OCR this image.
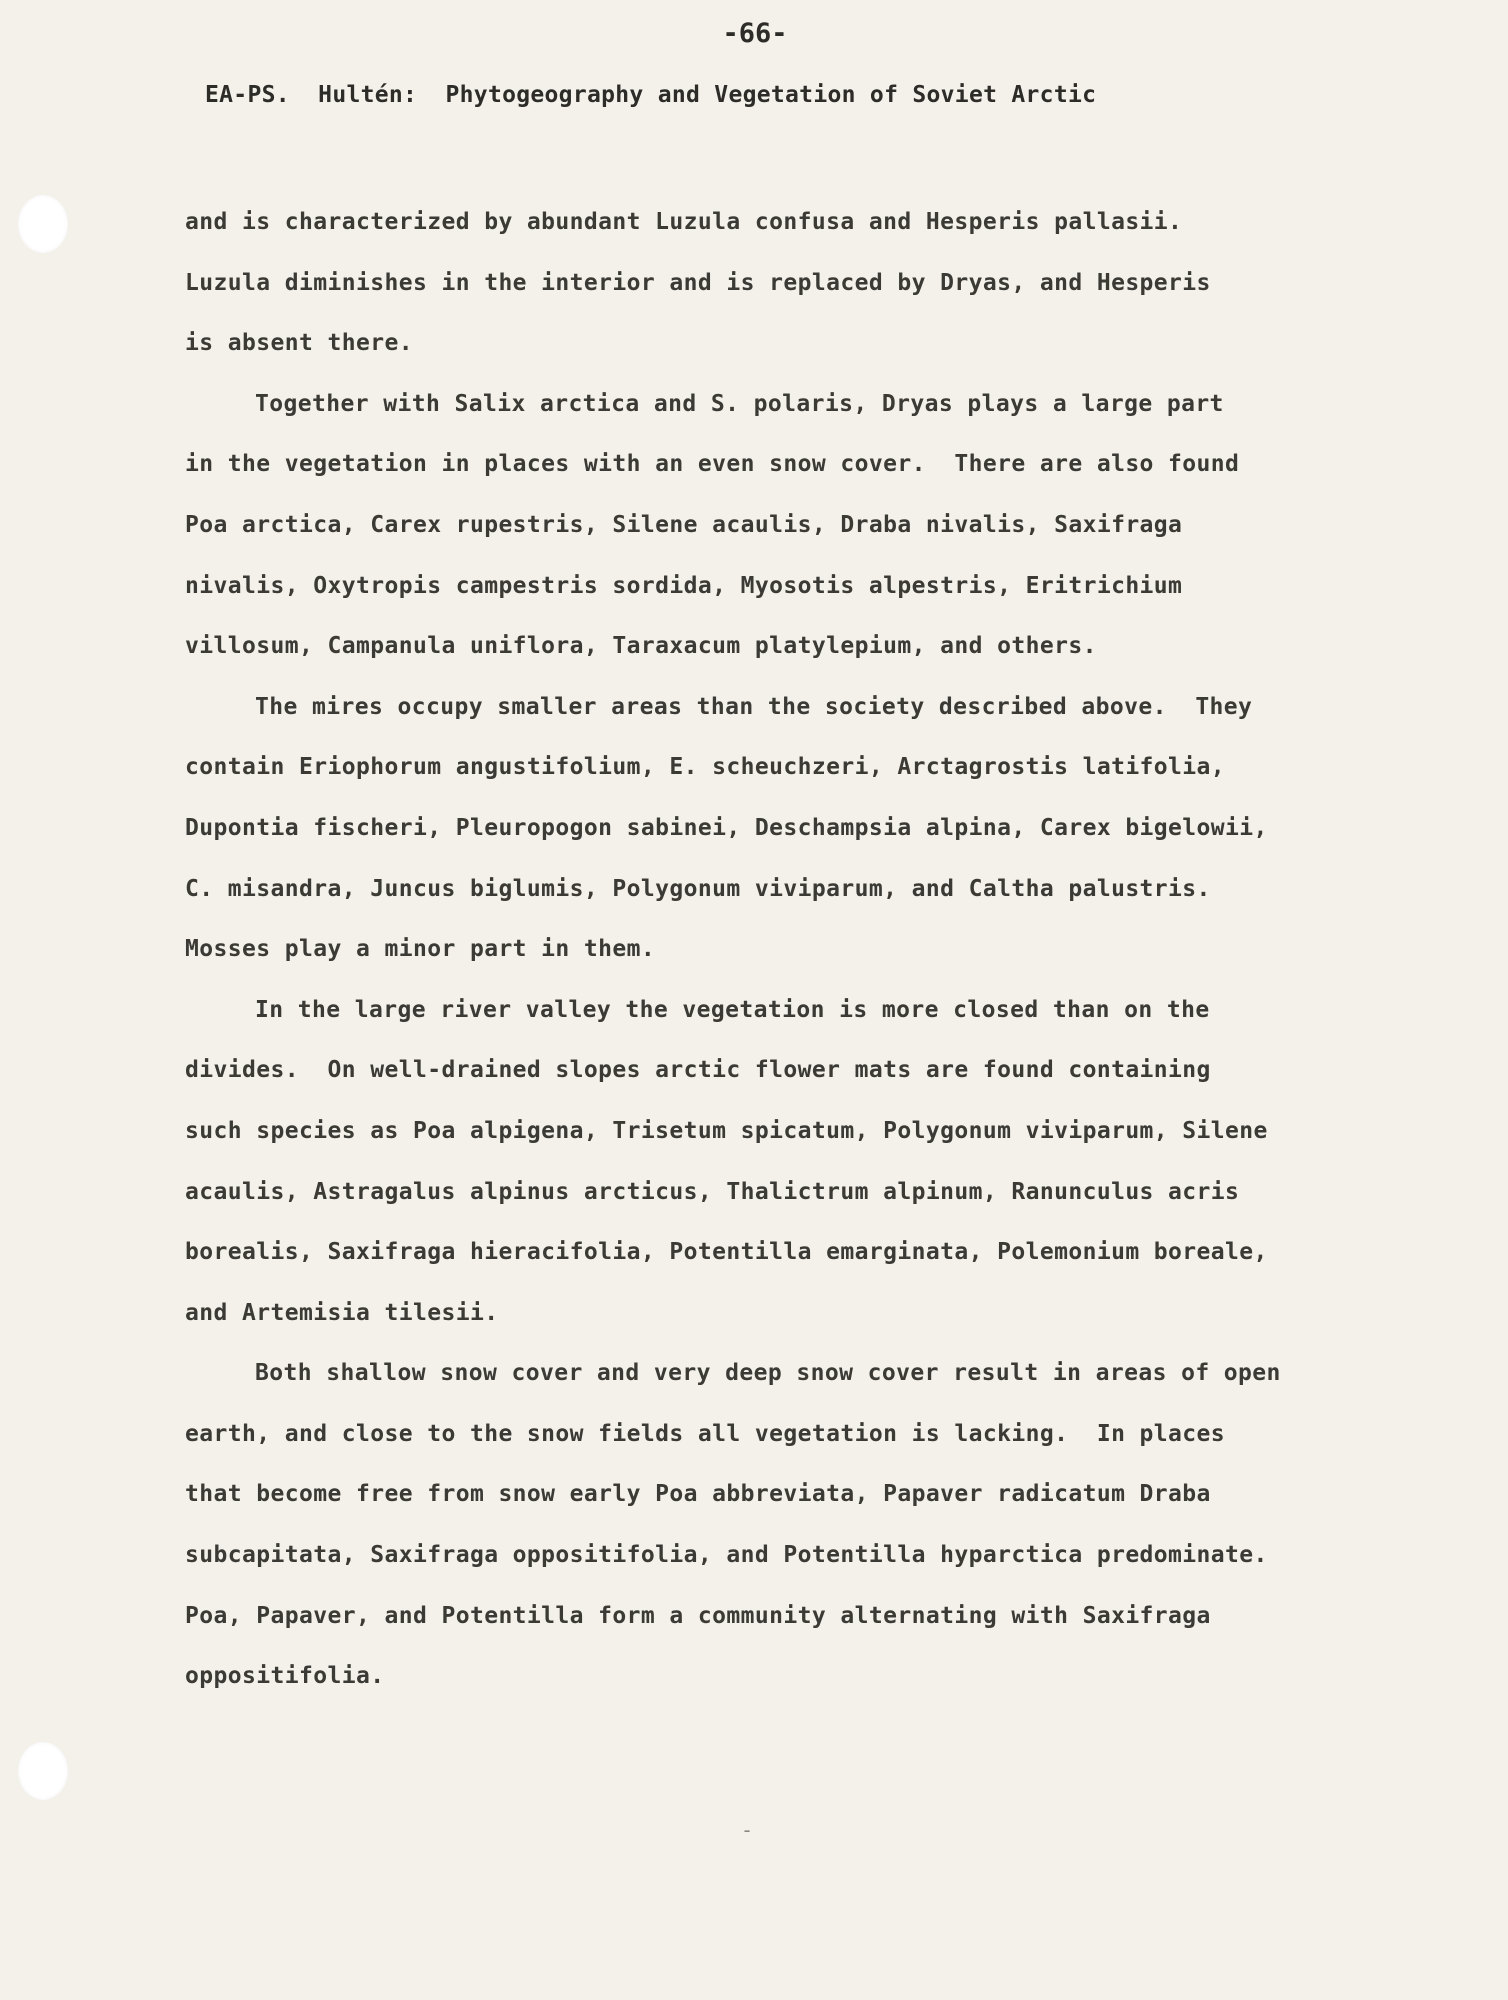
-66-
EA-PS.  Hultén:  Phytogeography and Vegetation of Soviet Arctic
and is characterized by abundant Luzula confusa and Hesperis pallasii.
Luzula diminishes in the interior and is replaced by Dryas, and Hesperis
is absent there.
Together with Salix arctica and S. polaris, Dryas plays a large part
in the vegetation in places with an even snow cover.  There are also found
Poa arctica, Carex rupestris, Silene acaulis, Draba nivalis, Saxifraga
nivalis, Oxytropis campestris sordida, Myosotis alpestris, Eritrichium
villosum, Campanula uniflora, Taraxacum platylepium, and others.
The mires occupy smaller areas than the society described above.  They
contain Eriophorum angustifolium, E. scheuchzeri, Arctagrostis latifolia,
Dupontia fischeri, Pleuropogon sabinei, Deschampsia alpina, Carex bigelowii,
C. misandra, Juncus biglumis, Polygonum viviparum, and Caltha palustris.
Mosses play a minor part in them.
In the large river valley the vegetation is more closed than on the
divides.  On well-drained slopes arctic flower mats are found containing
such species as Poa alpigena, Trisetum spicatum, Polygonum viviparum, Silene
acaulis, Astragalus alpinus arcticus, Thalictrum alpinum, Ranunculus acris
borealis, Saxifraga hieracifolia, Potentilla emarginata, Polemonium boreale,
and Artemisia tilesii.
Both shallow snow cover and very deep snow cover result in areas of open
earth, and close to the snow fields all vegetation is lacking.  In places
that become free from snow early Poa abbreviata, Papaver radicatum Draba
subcapitata, Saxifraga oppositifolia, and Potentilla hyparctica predominate.
Poa, Papaver, and Potentilla form a community alternating with Saxifraga
oppositifolia.
-
